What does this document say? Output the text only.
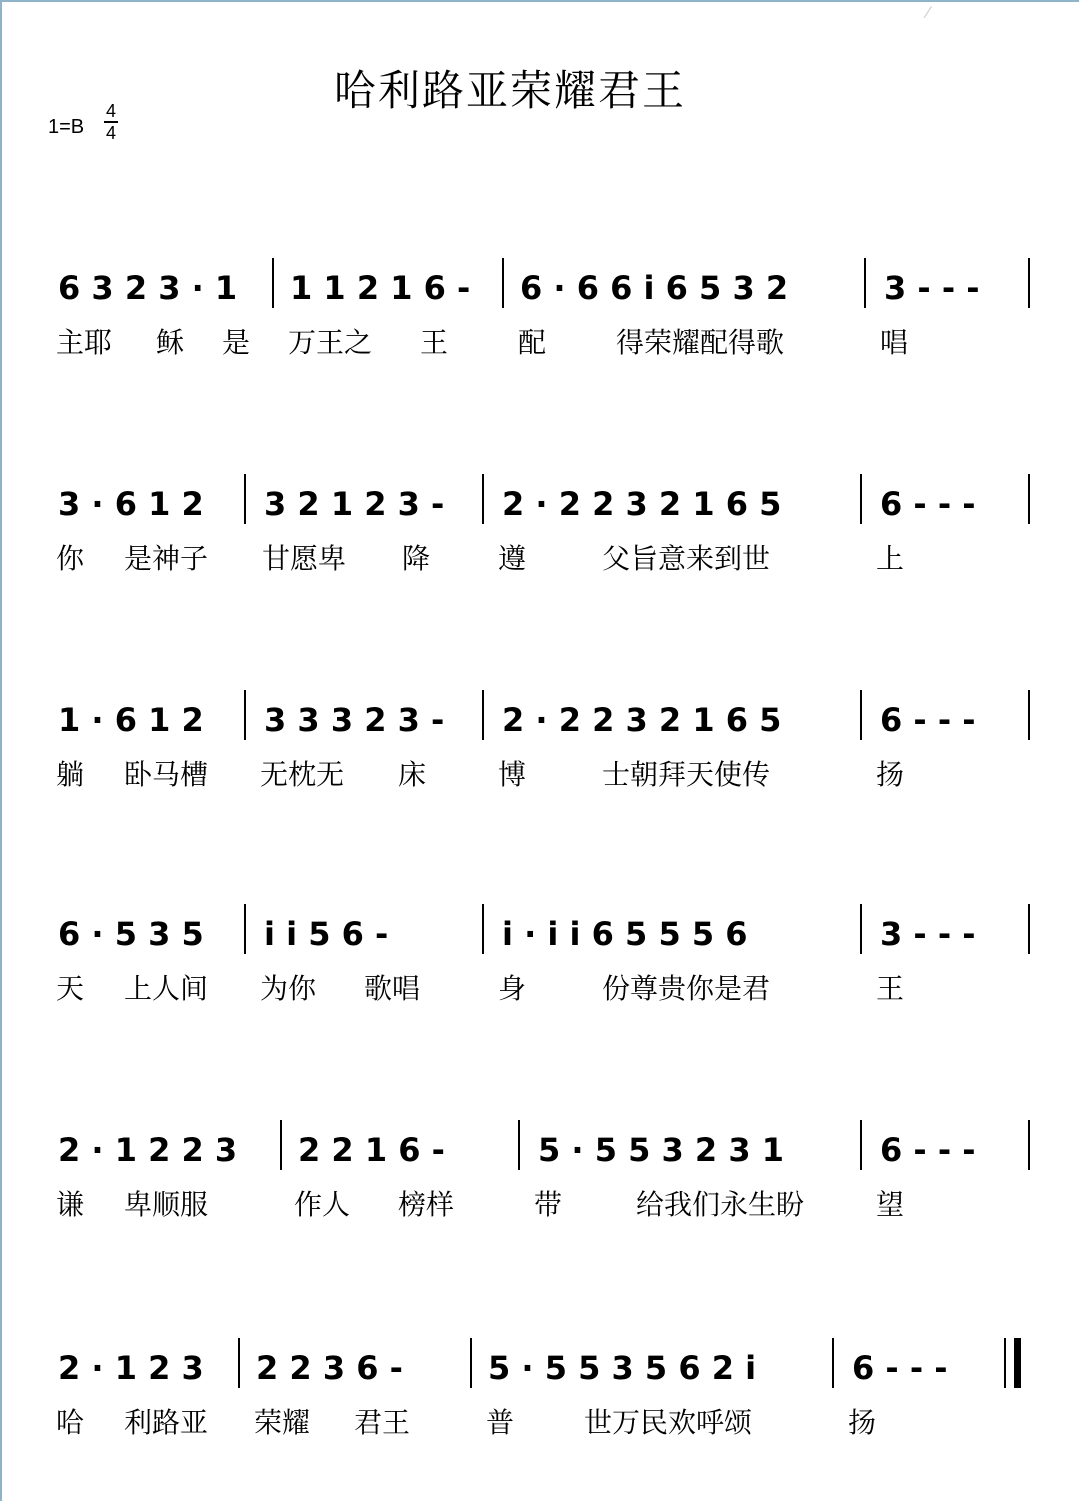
⁄
哈利路亚荣耀君王
1=B
4
4
6 3 2 3 · 1 1 1 2 1 6 - 6 · 6 6 i 6 5 3 2	3 - - -
主耶 稣 是 万王之 王 配 得荣耀配得歌	唱
3 · 6 1 2 3 2 1 2 3 - 2 · 2 2 3 2 1 6 5	6 - - -
你 是神子 甘愿卑 降 遵	父旨意来到世	上
1 · 6 1 2 3 3 3 2 3 - 2 · 2 2 3 2 1 6 5	6 - - -
躺 卧马槽 无枕无 床	博	士朝拜天使传	扬
6 · 5 3 5 i i 5 6 -	i · i i 6 5 5 5 6	3 - - -
天 上人间 为你 歌唱	身	份尊贵你是君	王
2 · 1 2 2 3 2 2 1 6 -	5 · 5 5 3 2 3 1	6 - - -
谦 卑顺服	作人 榜样	带	给我们永生盼	望
2 · 1 2 3 2 2 3 6 -	5 · 5 5 3 5 6 2 i	6 - - -
哈 利路亚 荣耀 君王	普 世万民欢呼颂	扬
